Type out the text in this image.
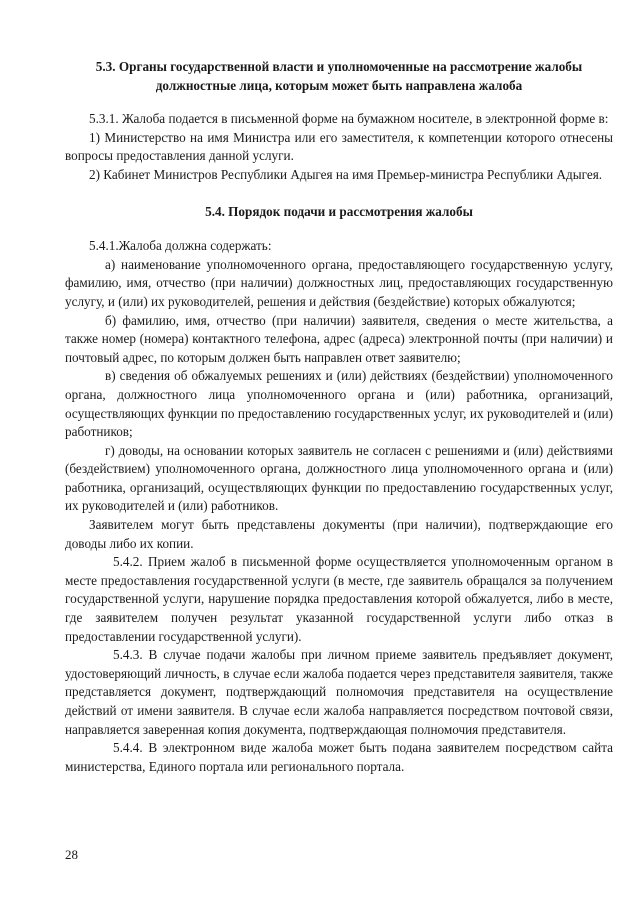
5.3. Органы государственной власти и уполномоченные на рассмотрение жалобы должностные лица, которым может быть направлена жалоба

5.3.1. Жалоба подается в письменной форме на бумажном носителе, в электронной форме в:

1) Министерство на имя Министра или его заместителя, к компетенции которого отнесены вопросы предоставления данной услуги.

2) Кабинет Министров Республики Адыгея на имя Премьер-министра Республики Адыгея.

5.4. Порядок подачи и рассмотрения жалобы

5.4.1.Жалоба должна содержать:

а) наименование уполномоченного органа, предоставляющего государственную услугу, фамилию, имя, отчество (при наличии) должностных лиц, предоставляющих государственную услугу, и (или) их руководителей, решения и действия (бездействие) которых обжалуются;

б) фамилию, имя, отчество (при наличии) заявителя, сведения о месте жительства, а также номер (номера) контактного телефона, адрес (адреса) электронной почты (при наличии) и почтовый адрес, по которым должен быть направлен ответ заявителю;

в) сведения об обжалуемых решениях и (или) действиях (бездействии) уполномоченного органа, должностного лица уполномоченного органа и (или) работника, организаций, осуществляющих функции по предоставлению государственных услуг, их руководителей и (или) работников;

г) доводы, на основании которых заявитель не согласен с решениями и (или) действиями (бездействием) уполномоченного органа, должностного лица уполномоченного органа и (или) работника, организаций, осуществляющих функции по предоставлению государственных услуг, их руководителей и (или) работников.

Заявителем могут быть представлены документы (при наличии), подтверждающие его доводы либо их копии.

5.4.2. Прием жалоб в письменной форме осуществляется уполномоченным органом в месте предоставления государственной услуги (в месте, где заявитель обращался за получением государственной услуги, нарушение порядка предоставления которой обжалуется, либо в месте, где заявителем получен результат указанной государственной услуги либо отказ в предоставлении государственной услуги).

5.4.3. В случае подачи жалобы при личном приеме заявитель предъявляет документ, удостоверяющий личность, в случае если жалоба подается через представителя заявителя, также представляется документ, подтверждающий полномочия представителя на осуществление действий от имени заявителя. В случае если жалоба направляется посредством почтовой связи, направляется заверенная копия документа, подтверждающая полномочия представителя.

5.4.4. В электронном виде жалоба может быть подана заявителем посредством сайта министерства, Единого портала или регионального портала.

28
